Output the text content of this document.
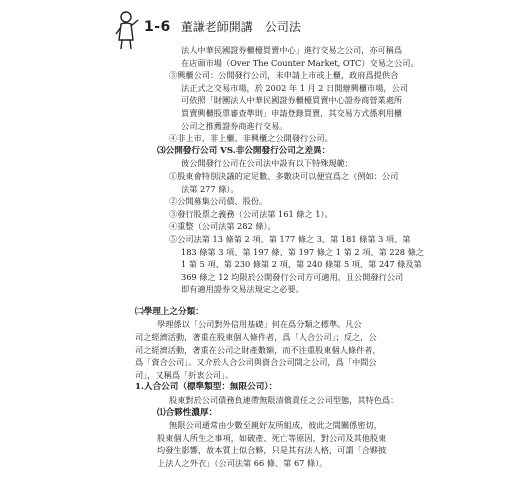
1-6 董謙老師開講 公司法
法人中華民國證券櫃檯買賣中心」進行交易之公司，亦可稱爲
在店頭市場（Over The Counter Market, OTC）交易之公司。
③興櫃公司：公開發行公司，未申請上市或上櫃，政府爲提供合
法正式之交易市場，於 2002 年 1 月 2 日開辦興櫃市場，公司
可依照「財團法人中華民國證券櫃檯買賣中心證券商營業處所
買賣興櫃股票審查準則」申請登錄買賣，其交易方式係利用櫃
公司之推薦證券商進行交易。
④非上市、非上櫃、非興櫃之公開發行公司。
⑶公開發行公司 VS.非公開發行公司之差異：
彼公開發行公司在公司法中設有以下特殊規範：
①股東會特別決議的定足數、多數決可以便宜爲之（例如：公司
法第 277 條）。
②公開募集公司債、股份。
③發行股票之義務（公司法第 161 條之 1）。
④重整（公司法第 282 條）。
⑤公司法第 13 條第 2 項、第 177 條之 3、第 181 條第 3 項、第
183 條第 3 項、第 197 條、第 197 條之 1 第 2 項、第 228 條之
1 第 5 項、第 230 條第 2 項、第 240 條第 5 項、第 247 條及第
369 條之 12 均限於公開發行公司方可適用，且公開發行公司
即有適用證券交易法規定之必要。
㈡學理上之分類：
學理係以「公司對外信用基礎」何在爲分類之標準。凡公
司之經濟活動，著重在股東個人條件者，爲「人合公司」；反之，公
司之經濟活動，著重在公司之財產數額，而不注重股東個人條件者，
爲「資合公司」。又介於人合公司與資合公司間之公司，爲「中間公
司」，又稱爲「折衷公司」。
1.人合公司（標準類型：無限公司）：
股東對於公司債務負連帶無限清償責任之公司型態，其特色爲：
⑴合夥性濃厚：
無限公司通常由少數至親好友所組成，彼此之間關係密切，
股東個人所生之事項，如破產、死亡等原因，對公司及其他股東
均發生影響，故本質上似合夥，只是其有法人格，可謂「合夥披
上法人之外衣」（公司法第 66 條、第 67 條）。
